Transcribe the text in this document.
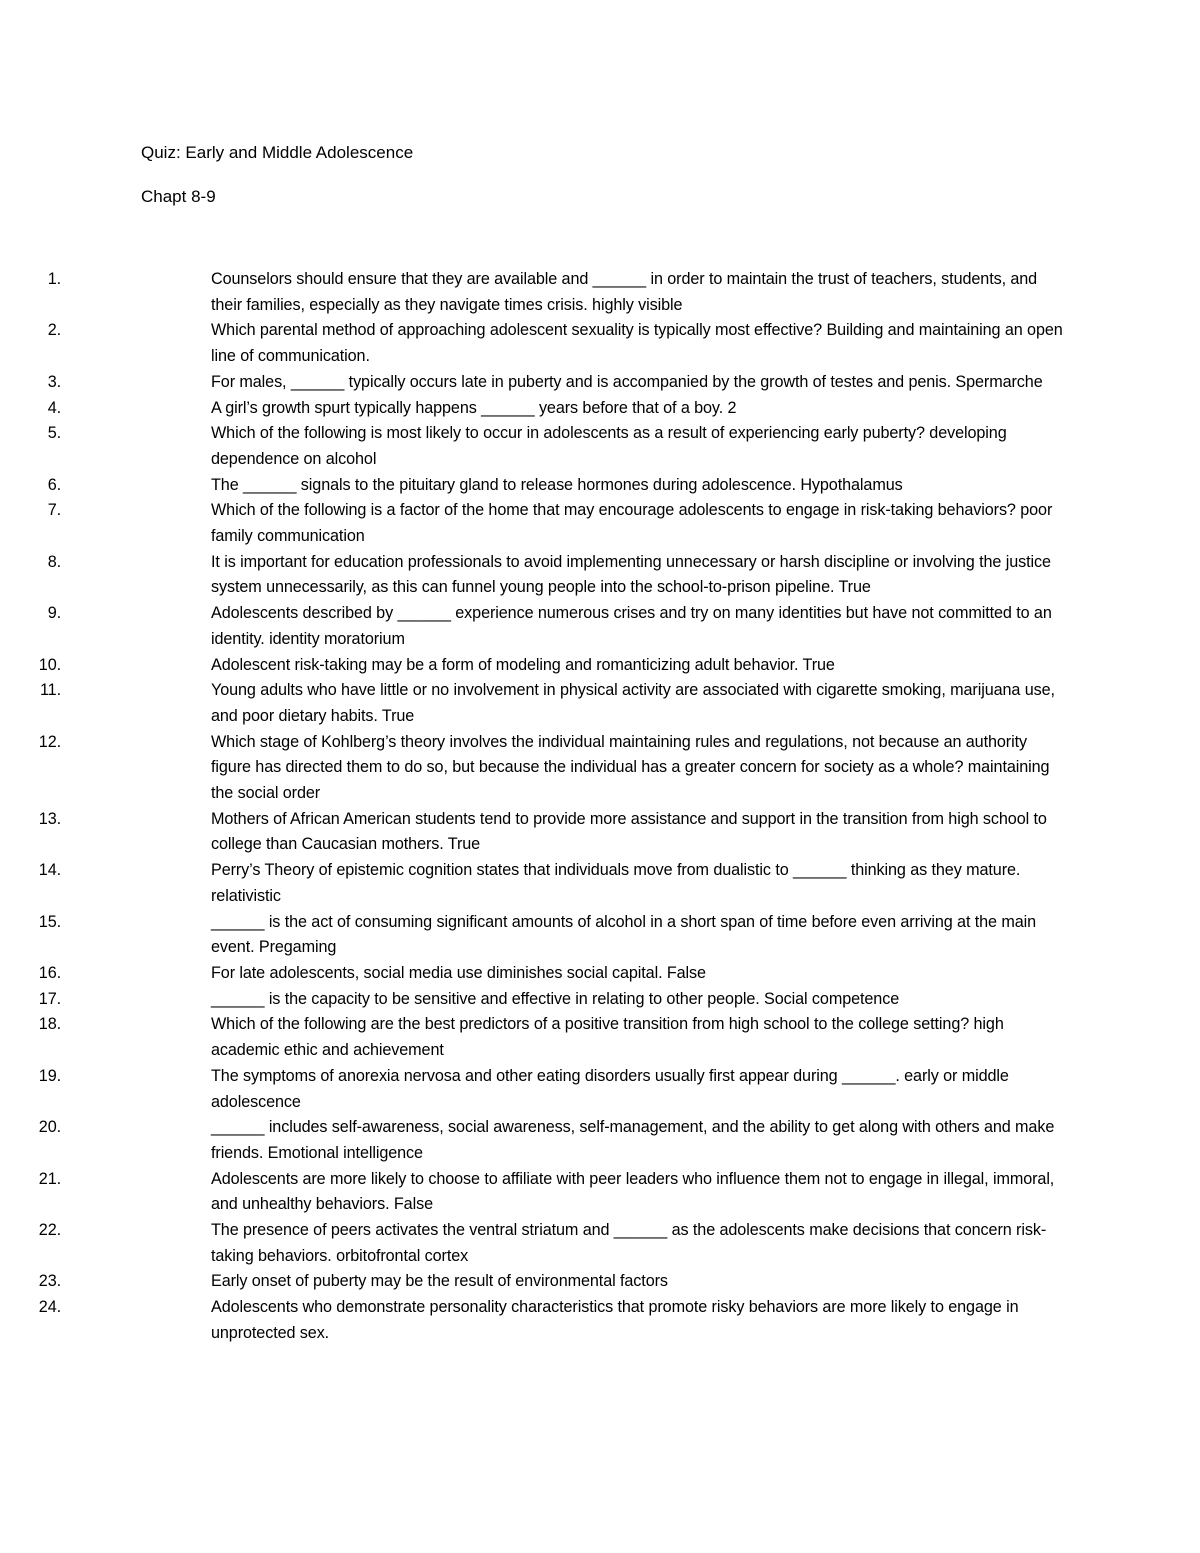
Quiz: Early and Middle Adolescence
Chapt 8-9
1.	Counselors should ensure that they are available and ______ in order to maintain the trust of teachers, students, and their families, especially as they navigate times crisis. highly visible
2.	Which parental method of approaching adolescent sexuality is typically most effective? Building and maintaining an open line of communication.
3.	For males, ______ typically occurs late in puberty and is accompanied by the growth of testes and penis. Spermarche
4.	A girl’s growth spurt typically happens ______ years before that of a boy. 2
5.	Which of the following is most likely to occur in adolescents as a result of experiencing early puberty? developing dependence on alcohol
6.	The ______ signals to the pituitary gland to release hormones during adolescence. Hypothalamus
7.	Which of the following is a factor of the home that may encourage adolescents to engage in risk-taking behaviors? poor family communication
8.	It is important for education professionals to avoid implementing unnecessary or harsh discipline or involving the justice system unnecessarily, as this can funnel young people into the school-to-prison pipeline. True
9.	Adolescents described by ______ experience numerous crises and try on many identities but have not committed to an identity. identity moratorium
10.	Adolescent risk-taking may be a form of modeling and romanticizing adult behavior. True
11.	Young adults who have little or no involvement in physical activity are associated with cigarette smoking, marijuana use, and poor dietary habits. True
12.	Which stage of Kohlberg’s theory involves the individual maintaining rules and regulations, not because an authority figure has directed them to do so, but because the individual has a greater concern for society as a whole? maintaining the social order
13.	Mothers of African American students tend to provide more assistance and support in the transition from high school to college than Caucasian mothers. True
14.	Perry’s Theory of epistemic cognition states that individuals move from dualistic to ______ thinking as they mature. relativistic
15.	______ is the act of consuming significant amounts of alcohol in a short span of time before even arriving at the main event. Pregaming
16.	For late adolescents, social media use diminishes social capital. False
17.	______ is the capacity to be sensitive and effective in relating to other people. Social competence
18.	Which of the following are the best predictors of a positive transition from high school to the college setting? high academic ethic and achievement
19.	The symptoms of anorexia nervosa and other eating disorders usually first appear during ______. early or middle adolescence
20.	______ includes self-awareness, social awareness, self-management, and the ability to get along with others and make friends. Emotional intelligence
21.	Adolescents are more likely to choose to affiliate with peer leaders who influence them not to engage in illegal, immoral, and unhealthy behaviors. False
22.	The presence of peers activates the ventral striatum and ______ as the adolescents make decisions that concern risk-taking behaviors. orbitofrontal cortex
23.	Early onset of puberty may be the result of environmental factors
24.	Adolescents who demonstrate personality characteristics that promote risky behaviors are more likely to engage in unprotected sex.
